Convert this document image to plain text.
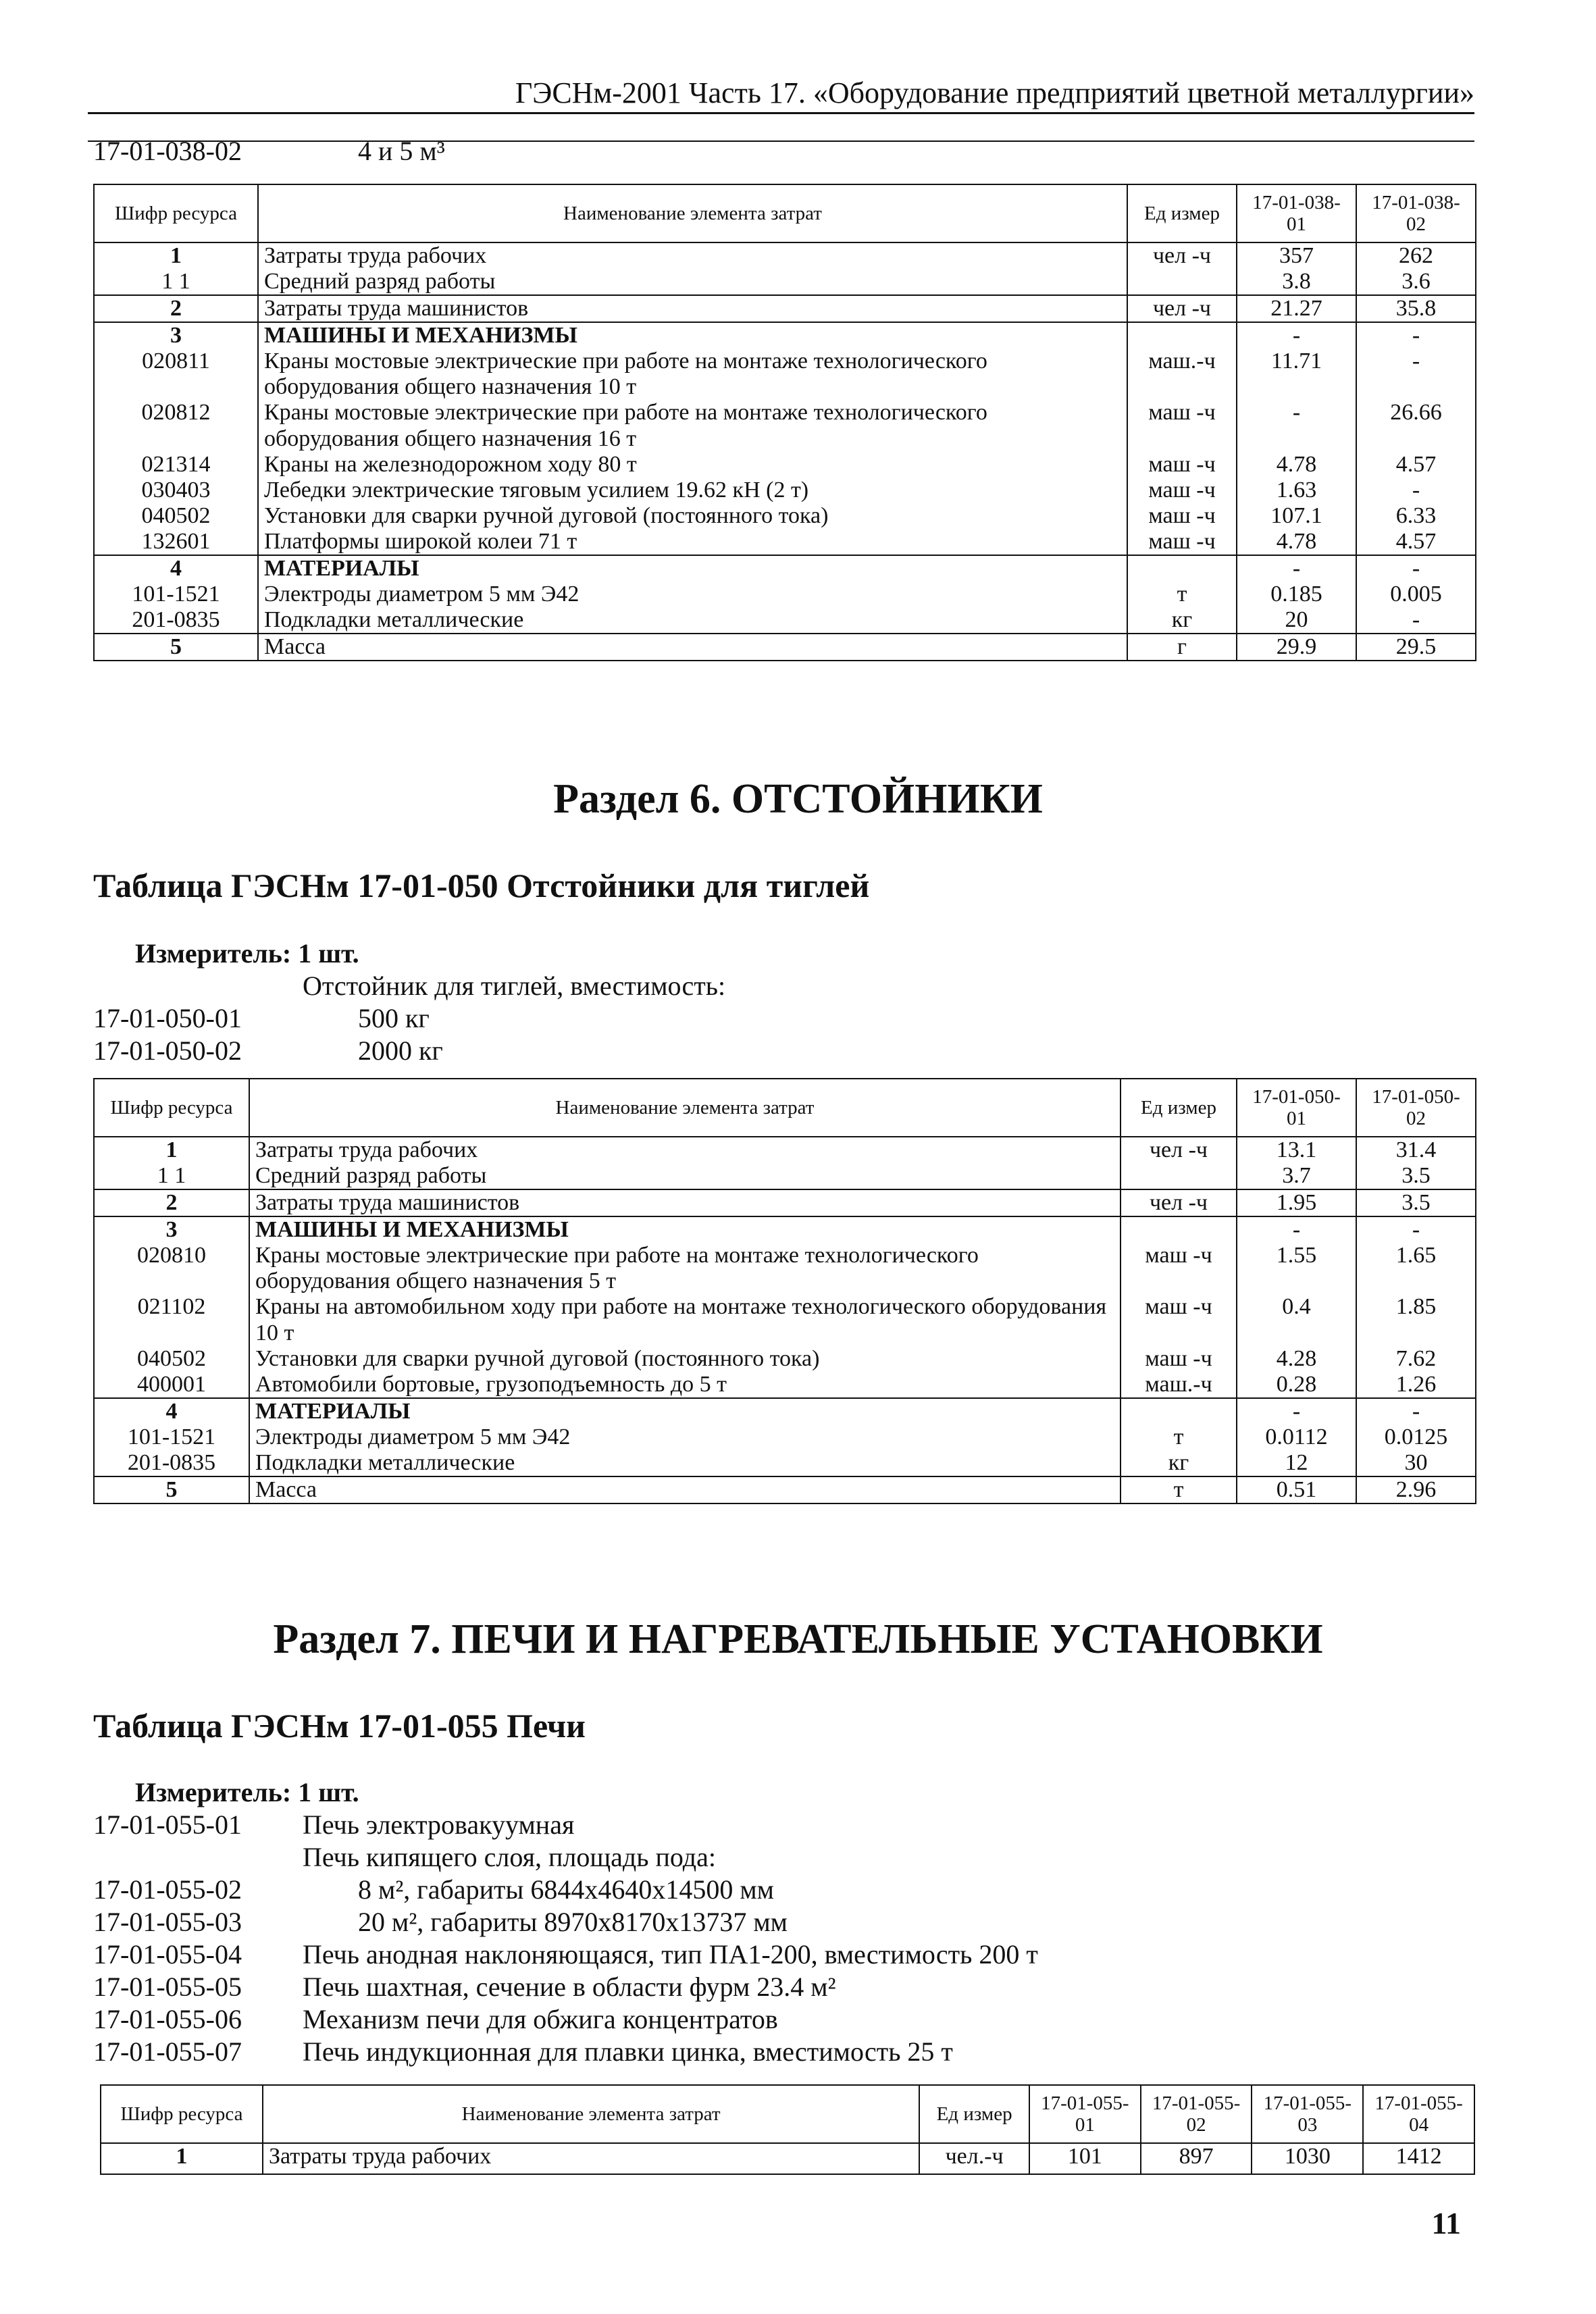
ГЭСНм-2001 Часть 17. «Оборудование предприятий цветной металлургии»
17-01-038-02	4 и 5 м³
Шифр ресурса	Наименование элемента затрат	Ед измер	17-01-038-01	17-01-038-02
1	Затраты труда рабочих	чел -ч	357	262
1 1	Средний разряд работы		3.8	3.6
2	Затраты труда машинистов	чел -ч	21.27	35.8
3	МАШИНЫ И МЕХАНИЗМЫ		-	-
020811	Краны мостовые электрические при работе на монтаже технологического оборудования общего назначения 10 т	маш.-ч	11.71	-
020812	Краны мостовые электрические при работе на монтаже технологического оборудования общего назначения 16 т	маш -ч	-	26.66
021314	Краны на железнодорожном ходу 80 т	маш -ч	4.78	4.57
030403	Лебедки электрические тяговым усилием 19.62 кН (2 т)	маш -ч	1.63	-
040502	Установки для сварки ручной дуговой (постоянного тока)	маш -ч	107.1	6.33
132601	Платформы широкой колеи 71 т	маш -ч	4.78	4.57
4	МАТЕРИАЛЫ		-	-
101-1521	Электроды диаметром 5 мм Э42	т	0.185	0.005
201-0835	Подкладки металлические	кг	20	-
5	Масса	г	29.9	29.5
Раздел 6. ОТСТОЙНИКИ
Таблица ГЭСНм 17-01-050 Отстойники для тиглей
Измеритель: 1 шт.
Отстойник для тиглей, вместимость:
17-01-050-01	500 кг
17-01-050-02	2000 кг
Шифр ресурса	Наименование элемента затрат	Ед измер	17-01-050-01	17-01-050-02
1	Затраты труда рабочих	чел -ч	13.1	31.4
1 1	Средний разряд работы		3.7	3.5
2	Затраты труда машинистов	чел -ч	1.95	3.5
3	МАШИНЫ И МЕХАНИЗМЫ		-	-
020810	Краны мостовые электрические при работе на монтаже технологического оборудования общего назначения 5 т	маш -ч	1.55	1.65
021102	Краны на автомобильном ходу при работе на монтаже технологического оборудования 10 т	маш -ч	0.4	1.85
040502	Установки для сварки ручной дуговой (постоянного тока)	маш -ч	4.28	7.62
400001	Автомобили бортовые, грузоподъемность до 5 т	маш.-ч	0.28	1.26
4	МАТЕРИАЛЫ		-	-
101-1521	Электроды диаметром 5 мм Э42	т	0.0112	0.0125
201-0835	Подкладки металлические	кг	12	30
5	Масса	т	0.51	2.96
Раздел 7. ПЕЧИ И НАГРЕВАТЕЛЬНЫЕ УСТАНОВКИ
Таблица ГЭСНм 17-01-055 Печи
Измеритель: 1 шт.
17-01-055-01 Печь электровакуумная
Печь кипящего слоя, площадь пода:
17-01-055-02	8 м², габариты 6844х4640х14500 мм
17-01-055-03	20 м², габариты 8970х8170х13737 мм
17-01-055-04 Печь анодная наклоняющаяся, тип ПА1-200, вместимость 200 т
17-01-055-05 Печь шахтная, сечение в области фурм 23.4 м²
17-01-055-06 Механизм печи для обжига концентратов
17-01-055-07 Печь индукционная для плавки цинка, вместимость 25 т
Шифр ресурса	Наименование элемента затрат	Ед измер	17-01-055-01	17-01-055-02	17-01-055-03	17-01-055-04
1	Затраты труда рабочих	чел.-ч	101	897	1030	1412
11
